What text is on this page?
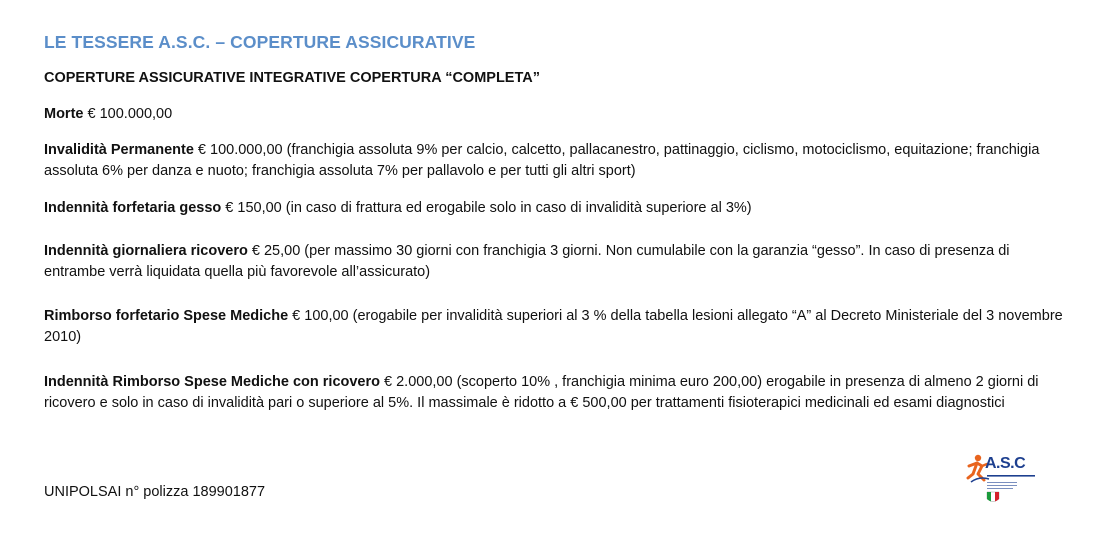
LE TESSERE A.S.C. – COPERTURE ASSICURATIVE
COPERTURE ASSICURATIVE INTEGRATIVE COPERTURA “COMPLETA”
Morte € 100.000,00
Invalidità Permanente € 100.000,00 (franchigia assoluta 9% per calcio, calcetto, pallacanestro, pattinaggio, ciclismo, motociclismo, equitazione; franchigia assoluta 6% per danza e nuoto; franchigia assoluta 7% per pallavolo e per tutti gli altri sport)
Indennità forfetaria gesso € 150,00 (in caso di frattura ed erogabile solo in caso di invalidità superiore al 3%)
Indennità giornaliera ricovero € 25,00 (per massimo 30 giorni con franchigia 3 giorni. Non cumulabile con la garanzia “gesso”. In caso di presenza di entrambe verrà liquidata quella più favorevole all’assicurato)
Rimborso forfetario Spese Mediche € 100,00 (erogabile per invalidità superiori al 3 % della tabella lesioni allegato “A” al Decreto Ministeriale del 3 novembre 2010)
Indennità Rimborso Spese Mediche con ricovero € 2.000,00 (scoperto 10% , franchigia minima euro 200,00) erogabile in presenza di almeno 2 giorni di ricovero e solo in caso di invalidità pari o superiore al 5%. Il massimale è ridotto a € 500,00 per trattamenti fisioterapici medicinali ed esami diagnostici
UNIPOLSAI n° polizza 189901877
A.S.C
